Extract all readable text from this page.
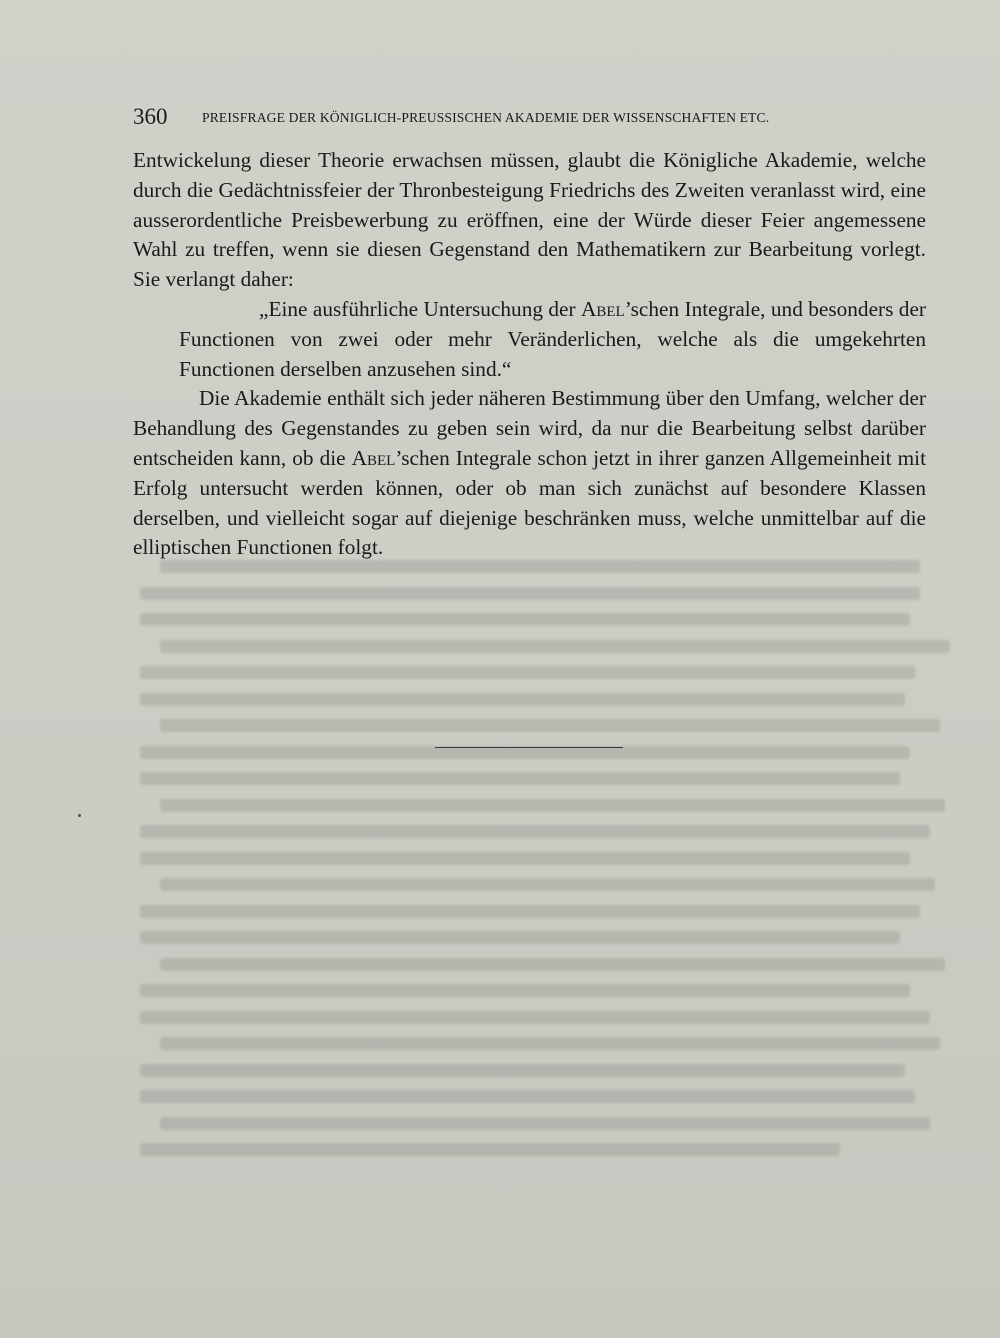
360	PREISFRAGE DER KÖNIGLICH-PREUSSISCHEN AKADEMIE DER WISSENSCHAFTEN ETC.

Entwickelung dieser Theorie erwachsen müssen, glaubt die Königliche Akademie, welche durch die Gedächtnissfeier der Thronbesteigung Friedrichs des Zweiten veranlasst wird, eine ausserordentliche Preisbewerbung zu eröffnen, eine der Würde dieser Feier angemessene Wahl zu treffen, wenn sie diesen Gegenstand den Mathematikern zur Bearbeitung vorlegt. Sie verlangt daher:

„Eine ausführliche Untersuchung der Abel’schen Integrale, und besonders der Functionen von zwei oder mehr Veränderlichen, welche als die umgekehrten Functionen derselben anzusehen sind.“

Die Akademie enthält sich jeder näheren Bestimmung über den Umfang, welcher der Behandlung des Gegenstandes zu geben sein wird, da nur die Bearbeitung selbst darüber entscheiden kann, ob die Abel’schen Integrale schon jetzt in ihrer ganzen Allgemeinheit mit Erfolg untersucht werden können, oder ob man sich zunächst auf besondere Klassen derselben, und vielleicht sogar auf diejenige beschränken muss, welche unmittelbar auf die elliptischen Functionen folgt.
